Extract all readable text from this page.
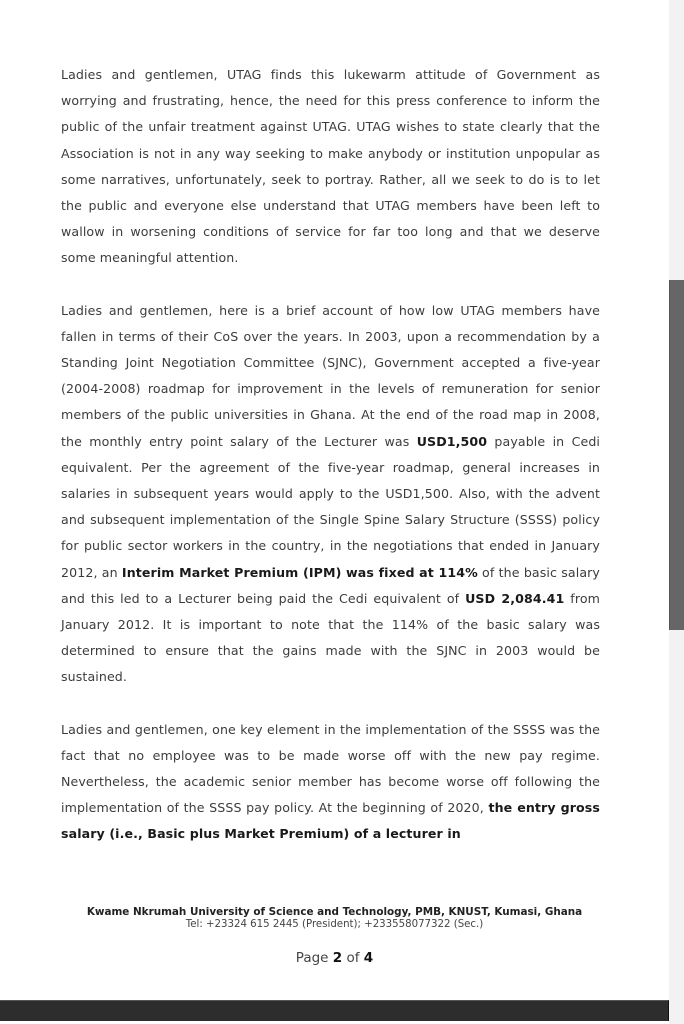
Ladies and gentlemen, UTAG finds this lukewarm attitude of Government as worrying and frustrating, hence, the need for this press conference to inform the public of the unfair treatment against UTAG. UTAG wishes to state clearly that the Association is not in any way seeking to make anybody or institution unpopular as some narratives, unfortunately, seek to portray. Rather, all we seek to do is to let the public and everyone else understand that UTAG members have been left to wallow in worsening conditions of service for far too long and that we deserve some meaningful attention.

Ladies and gentlemen, here is a brief account of how low UTAG members have fallen in terms of their CoS over the years. In 2003, upon a recommendation by a Standing Joint Negotiation Committee (SJNC), Government accepted a five-year (2004-2008) roadmap for improvement in the levels of remuneration for senior members of the public universities in Ghana. At the end of the road map in 2008, the monthly entry point salary of the Lecturer was USD1,500 payable in Cedi equivalent. Per the agreement of the five-year roadmap, general increases in salaries in subsequent years would apply to the USD1,500. Also, with the advent and subsequent implementation of the Single Spine Salary Structure (SSSS) policy for public sector workers in the country, in the negotiations that ended in January 2012, an Interim Market Premium (IPM) was fixed at 114% of the basic salary and this led to a Lecturer being paid the Cedi equivalent of USD 2,084.41 from January 2012. It is important to note that the 114% of the basic salary was determined to ensure that the gains made with the SJNC in 2003 would be sustained.

Ladies and gentlemen, one key element in the implementation of the SSSS was the fact that no employee was to be made worse off with the new pay regime. Nevertheless, the academic senior member has become worse off following the implementation of the SSSS pay policy. At the beginning of 2020, the entry gross salary (i.e., Basic plus Market Premium) of a lecturer in

Kwame Nkrumah University of Science and Technology, PMB, KNUST, Kumasi, Ghana
Tel: +23324 615 2445 (President); +233558077322 (Sec.)
Page 2 of 4
